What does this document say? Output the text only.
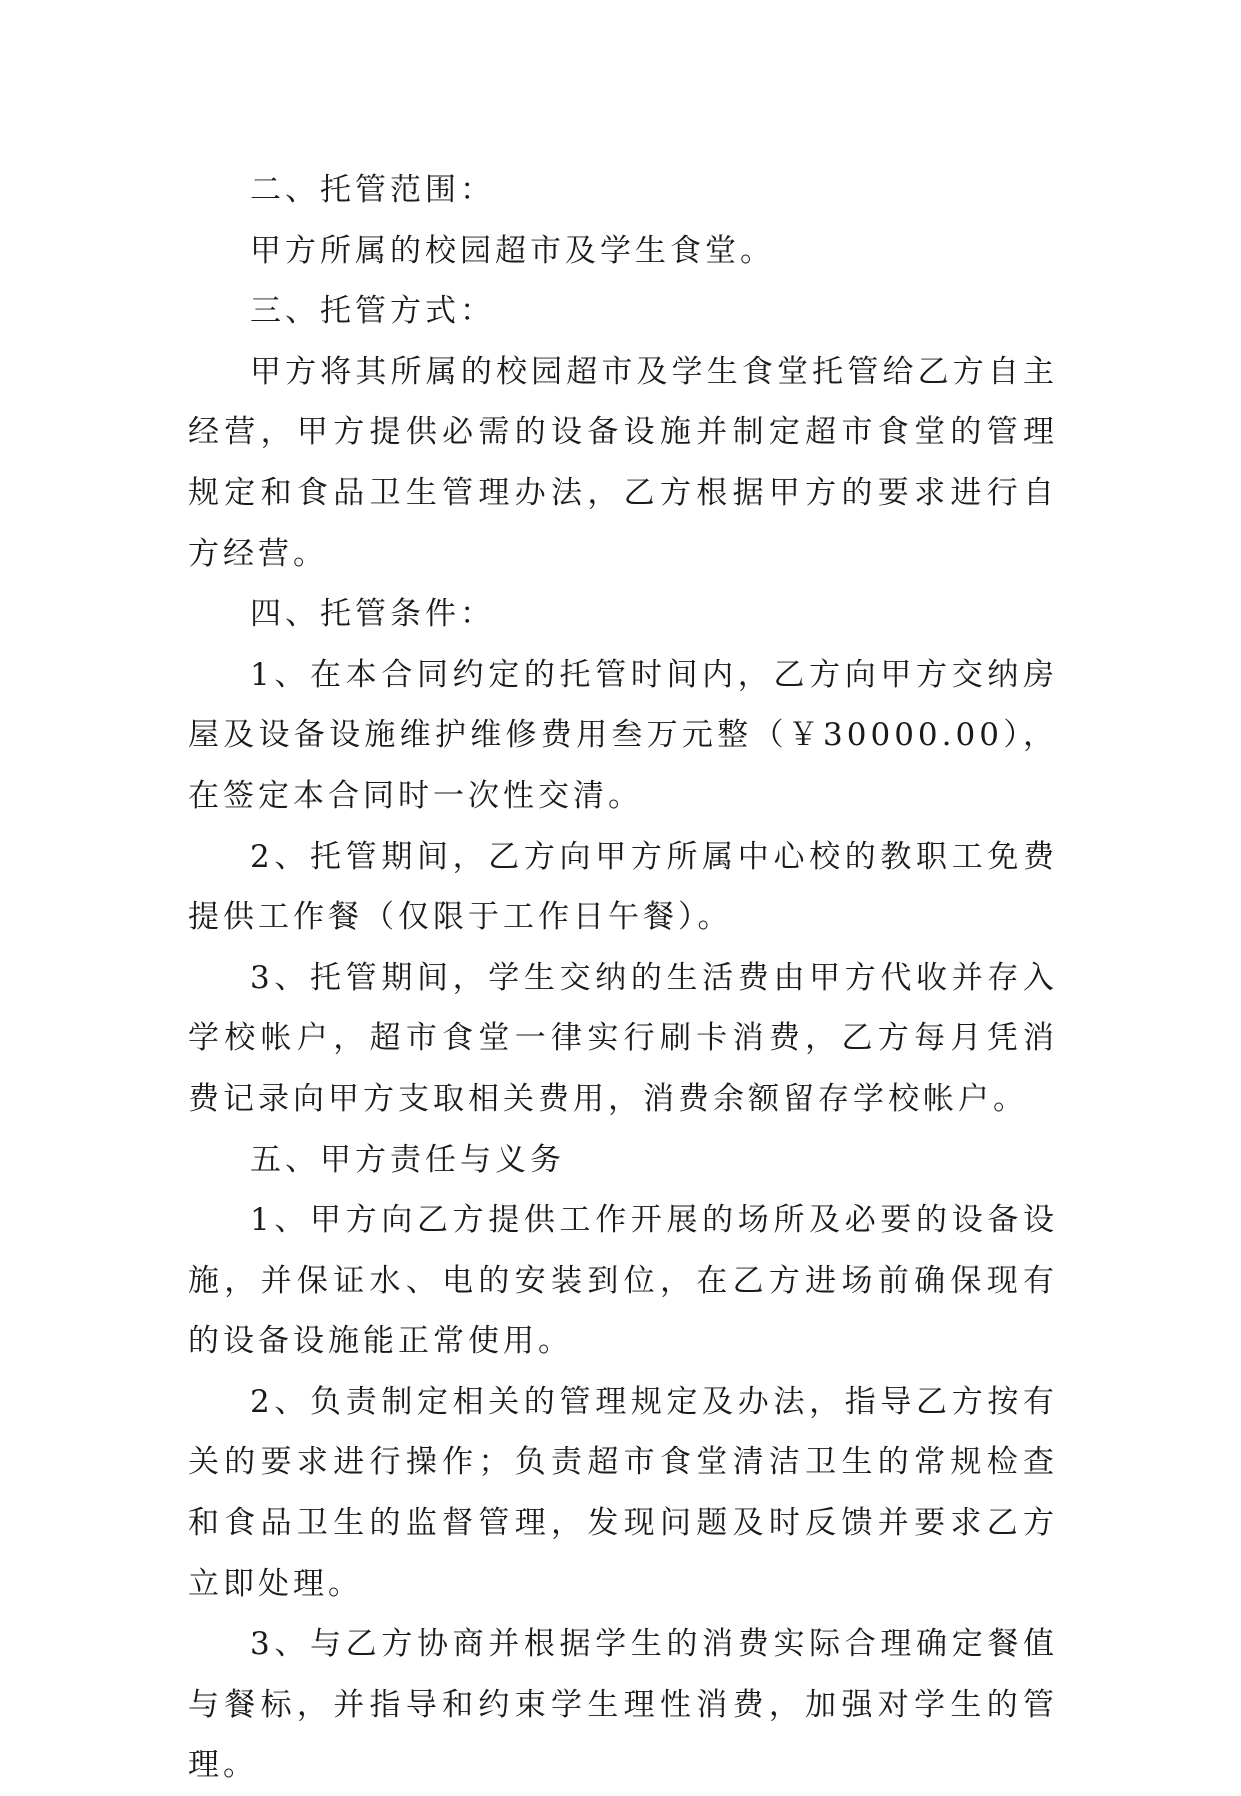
二、托管范围：

甲方所属的校园超市及学生食堂。

三、托管方式：

甲方将其所属的校园超市及学生食堂托管给乙方自主经营，甲方提供必需的设备设施并制定超市食堂的管理规定和食品卫生管理办法，乙方根据甲方的要求进行自方经营。

四、托管条件：

1、在本合同约定的托管时间内，乙方向甲方交纳房屋及设备设施维护维修费用叁万元整（￥30000.00），在签定本合同时一次性交清。

2、托管期间，乙方向甲方所属中心校的教职工免费提供工作餐（仅限于工作日午餐）。

3、托管期间，学生交纳的生活费由甲方代收并存入学校帐户，超市食堂一律实行刷卡消费，乙方每月凭消费记录向甲方支取相关费用，消费余额留存学校帐户。

五、甲方责任与义务

1、甲方向乙方提供工作开展的场所及必要的设备设施，并保证水、电的安装到位，在乙方进场前确保现有的设备设施能正常使用。

2、负责制定相关的管理规定及办法，指导乙方按有关的要求进行操作；负责超市食堂清洁卫生的常规检查和食品卫生的监督管理，发现问题及时反馈并要求乙方立即处理。

3、与乙方协商并根据学生的消费实际合理确定餐值与餐标，并指导和约束学生理性消费，加强对学生的管理。
